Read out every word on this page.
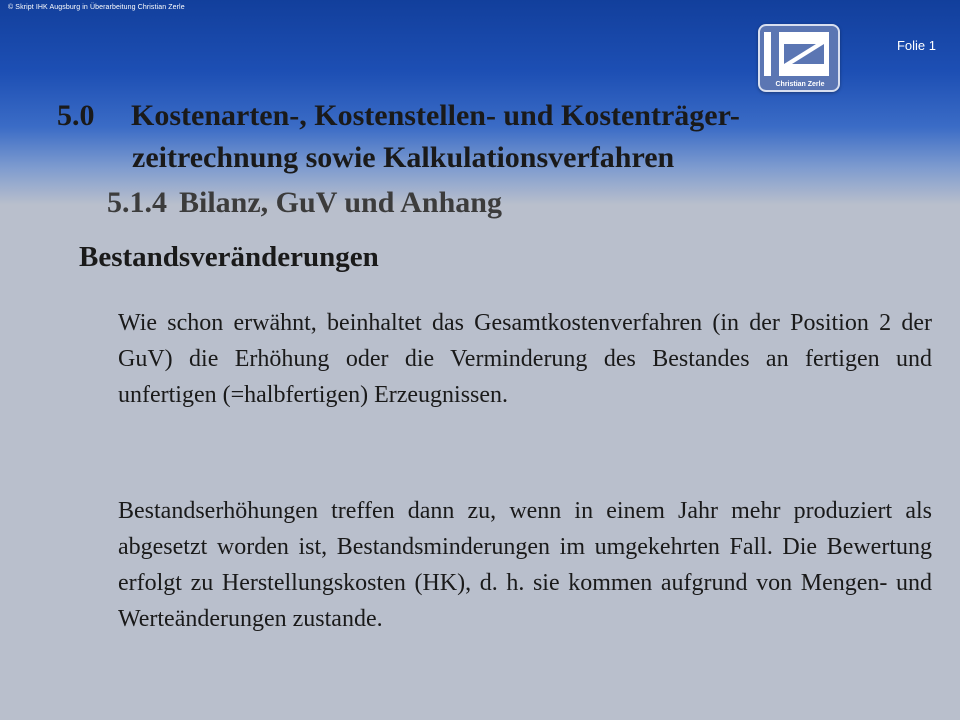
© Skript IHK Augsburg in Überarbeitung Christian Zerle
Folie 1
Christian Zerle
5.0 Kostenarten-, Kostenstellen- und Kostenträger-
zeitrechnung sowie Kalkulationsverfahren
5.1.4 Bilanz, GuV und Anhang
Bestandsveränderungen

Wie schon erwähnt, beinhaltet das Gesamtkostenverfahren (in der Position 2 der GuV) die Erhöhung oder die Verminderung des Bestandes an fertigen und unfertigen (=halbfertigen) Erzeugnissen.

Bestandserhöhungen treffen dann zu, wenn in einem Jahr mehr produziert als abgesetzt worden ist, Bestandsminderungen im umgekehrten Fall. Die Bewertung erfolgt zu Herstellungskosten (HK), d. h. sie kommen aufgrund von Mengen- und Werteänderungen zustande.
